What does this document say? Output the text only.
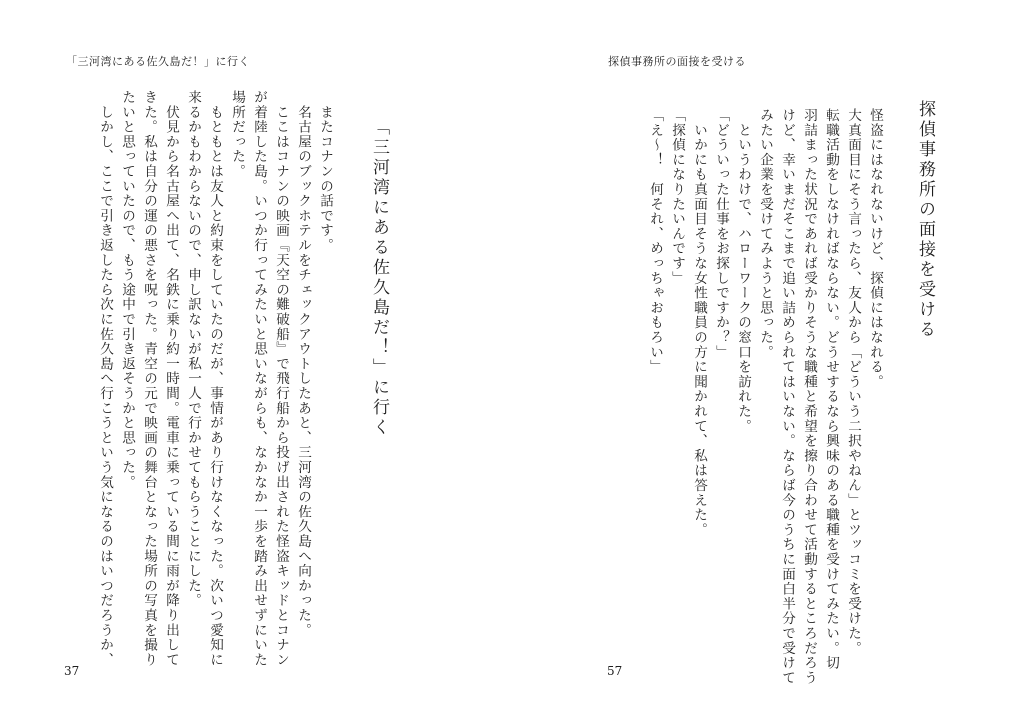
「三河湾にある佐久島だ！」に行く
「三河湾にある佐久島だ！」に行く
　またコナンの話です。
　名古屋のブックホテルをチェックアウトしたあと、三河湾の佐久島へ向かった。
　ここはコナンの映画『天空の難破船』で飛行船から投げ出された怪盗キッドとコナン
が着陸した島。いつか行ってみたいと思いながらも、なかなか一歩を踏み出せずにいた
場所だった。
　もともとは友人と約束をしていたのだが、事情があり行けなくなった。次いつ愛知に
来るかもわからないので、申し訳ないが私一人で行かせてもらうことにした。
　伏見から名古屋へ出て、名鉄に乗り約一時間。電車に乗っている間に雨が降り出して
きた。私は自分の運の悪さを呪った。青空の元で映画の舞台となった場所の写真を撮り
たいと思っていたので、もう途中で引き返そうかと思った。
　しかし、ここで引き返したら次に佐久島へ行こうという気になるのはいつだろうか、
37
探偵事務所の面接を受ける
探偵事務所の面接を受ける
怪盗にはなれないけど、探偵にはなれる。
大真面目にそう言ったら、友人から「どういう二択やねん」とツッコミを受けた。
転職活動をしなければならない。どうせするなら興味のある職種を受けてみたい。切
羽詰まった状況であれば受かりそうな職種と希望を擦り合わせて活動するところだろう
けど、幸いまだそこまで追い詰められてはいない。ならば今のうちに面白半分で受けて
みたい企業を受けてみようと思った。
　というわけで、ハローワークの窓口を訪れた。
「どういった仕事をお探しですか？」
　いかにも真面目そうな女性職員の方に聞かれて、私は答えた。
「探偵になりたいんです」
「え〜！　何それ、めっちゃおもろい」
57
